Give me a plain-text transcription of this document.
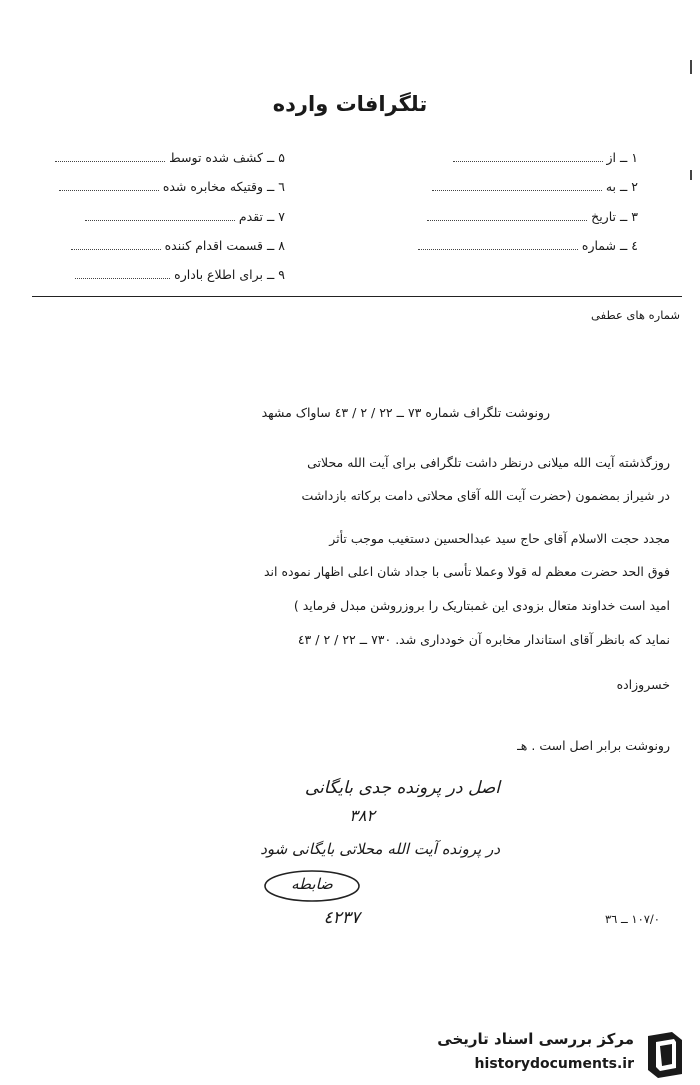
تلگرافات وارده
۱ ــ از
۲ ــ به
۳ ــ تاریخ
٤ ــ شماره
۵ ــ کشف شده توسط
٦ ــ وقتیکه مخابره شده
۷ ــ تقدم
۸ ــ قسمت اقدام کننده
۹ ــ برای اطلاع باداره
شماره های عطفی
رونوشت تلگراف شماره ۷۳ ــ ۲۲ / ۲ / ٤۳ ساواک مشهد
روزگذشته آیت الله میلانی درنظر داشت تلگرافی برای آیت الله محلاتی
در شیراز بمضمون (حضرت آیت الله آقای محلاتی دامت برکاته بازداشت
مجدد حجت الاسلام آقای حاج سید عبدالحسین دستغیب موجب تأثر
فوق الحد حضرت معظم له قولا وعملا تأسی با جداد شان اعلی اظهار نموده اند
امید است خداوند متعال بزودی این غمبتاریک را بروزروشن مبدل فرماید )
نماید که بانظر آقای استاندار مخابره آن خودداری شد. ۷۳۰ ــ ۲۲ / ۲ / ٤۳
خسروزاده
رونوشت برابر اصل است . هـ
اصل در پرونده جدی بایگانی
۳۸۲
در پرونده آیت الله محلاتی بایگانی شود
ضابطه
٤۲۳۷	۱۰۷/۰ ــ ۳٦
مرکز بررسی اسناد تاریخی
historydocuments.ir
